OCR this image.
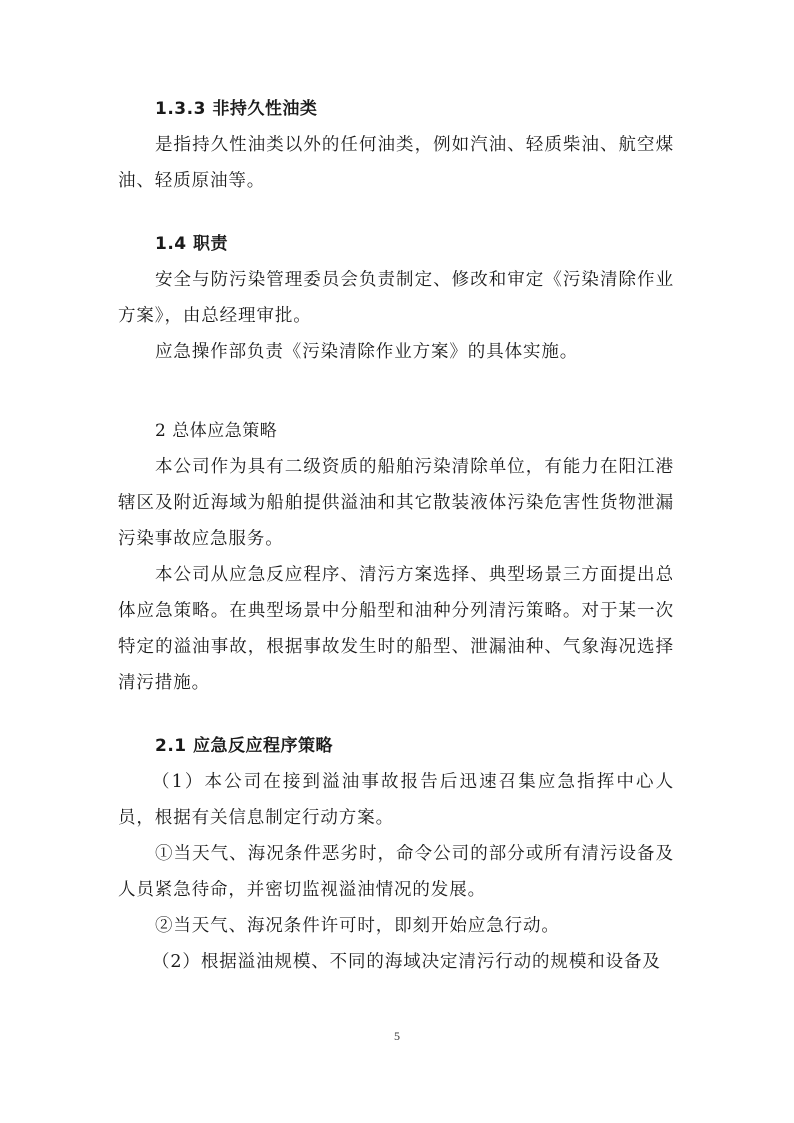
1.3.3 非持久性油类

是指持久性油类以外的任何油类，例如汽油、轻质柴油、航空煤油、轻质原油等。

1.4 职责

安全与防污染管理委员会负责制定、修改和审定《污染清除作业方案》，由总经理审批。

应急操作部负责《污染清除作业方案》的具体实施。

2 总体应急策略

本公司作为具有二级资质的船舶污染清除单位，有能力在阳江港辖区及附近海域为船舶提供溢油和其它散装液体污染危害性货物泄漏污染事故应急服务。

本公司从应急反应程序、清污方案选择、典型场景三方面提出总体应急策略。在典型场景中分船型和油种分列清污策略。对于某一次特定的溢油事故，根据事故发生时的船型、泄漏油种、气象海况选择清污措施。

2.1 应急反应程序策略

（1）本公司在接到溢油事故报告后迅速召集应急指挥中心人员，根据有关信息制定行动方案。

①当天气、海况条件恶劣时，命令公司的部分或所有清污设备及人员紧急待命，并密切监视溢油情况的发展。

②当天气、海况条件许可时，即刻开始应急行动。

（2）根据溢油规模、不同的海域决定清污行动的规模和设备及

5
